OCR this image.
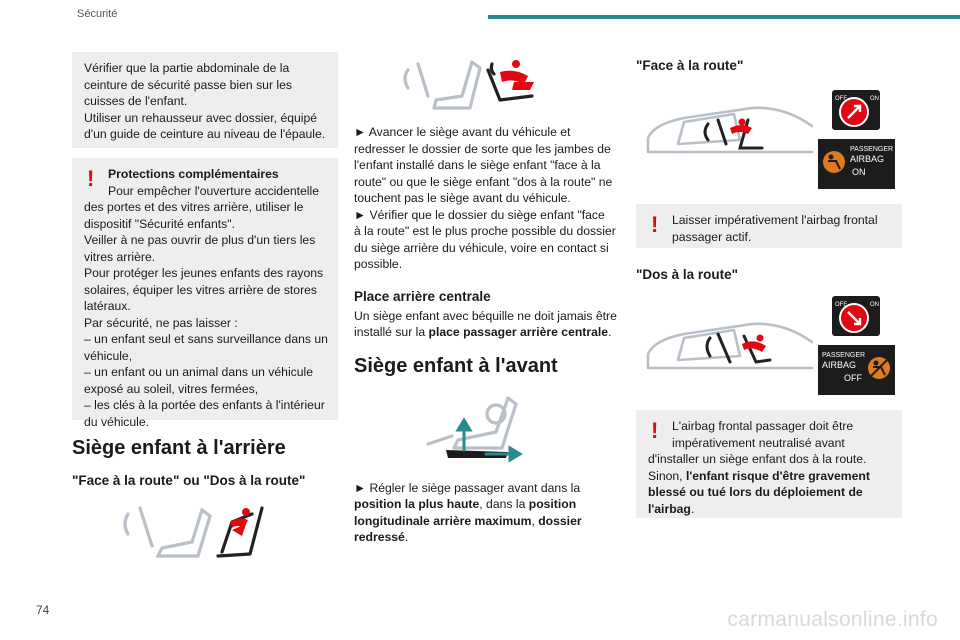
Sécurité
Vérifier que la partie abdominale de la
ceinture de sécurité passe bien sur les
cuisses de l'enfant.
Utiliser un rehausseur avec dossier, équipé
d'un guide de ceinture au niveau de l'épaule.
!	Protections complémentaires
Pour empêcher l'ouverture accidentelle
des portes et des vitres arrière, utiliser le
dispositif "Sécurité enfants".
Veiller à ne pas ouvrir de plus d'un tiers les
vitres arrière.
Pour protéger les jeunes enfants des rayons
solaires, équiper les vitres arrière de stores
latéraux.
Par sécurité, ne pas laisser :
– un enfant seul et sans surveillance dans un
véhicule,
– un enfant ou un animal dans un véhicule
exposé au soleil, vitres fermées,
– les clés à la portée des enfants à l'intérieur
du véhicule.
Siège enfant à l'arrière
"Face à la route" ou "Dos à la route"
► Avancer le siège avant du véhicule et
redresser le dossier de sorte que les jambes de
l'enfant installé dans le siège enfant "face à la
route" ou que le siège enfant "dos à la route" ne
touchent pas le siège avant du véhicule.
► Vérifier que le dossier du siège enfant "face
à la route" est le plus proche possible du dossier
du siège arrière du véhicule, voire en contact si
possible.
Place arrière centrale
Un siège enfant avec béquille ne doit jamais être
installé sur la place passager arrière centrale.
Siège enfant à l'avant
► Régler le siège passager avant dans la
position la plus haute, dans la position
longitudinale arrière maximum, dossier
redressé.
"Face à la route"
OFF	ON
PASSENGER
AIRBAG
ON
!	Laisser impérativement l'airbag frontal
passager actif.
"Dos à la route"
OFF	ON
PASSENGER
AIRBAG
OFF
!	L'airbag frontal passager doit être
impérativement neutralisé avant
d'installer un siège enfant dos à la route.
Sinon, l'enfant risque d'être gravement
blessé ou tué lors du déploiement de
l'airbag.
74	carmanualsonline.info
